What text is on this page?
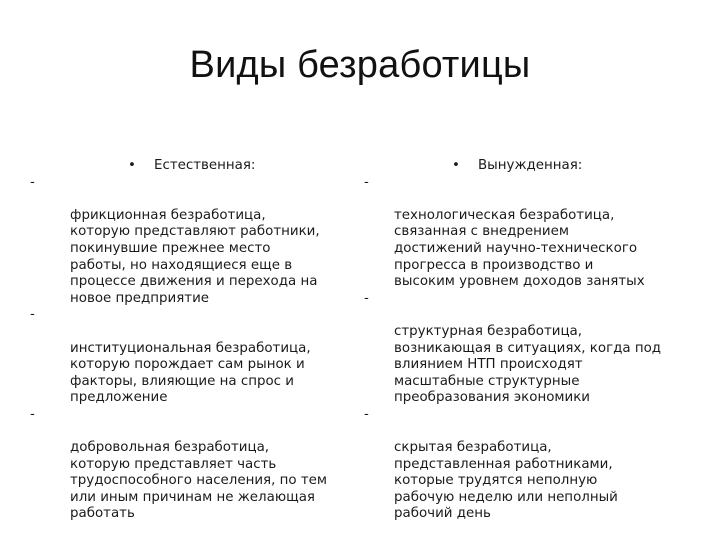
Виды безработицы
• Естественная:

-

фрикционная безработица,
которую представляют работники,
покинувшие прежнее место
работы, но находящиеся еще в
процессе движения и перехода на
новое предприятие

-

институциональная безработица,
которую порождает сам рынок и
факторы, влияющие на спрос и
предложение

-

добровольная безработица,
которую представляет часть
трудоспособного населения, по тем
или иным причинам не желающая
работать

• Вынужденная:

-

технологическая безработица,
связанная с внедрением
достижений научно-технического
прогресса в производство и
высоким уровнем доходов занятых

-

структурная безработица,
возникающая в ситуациях, когда под
влиянием НТП происходят
масштабные структурные
преобразования экономики

-

скрытая безработица,
представленная работниками,
которые трудятся неполную
рабочую неделю или неполный
рабочий день
